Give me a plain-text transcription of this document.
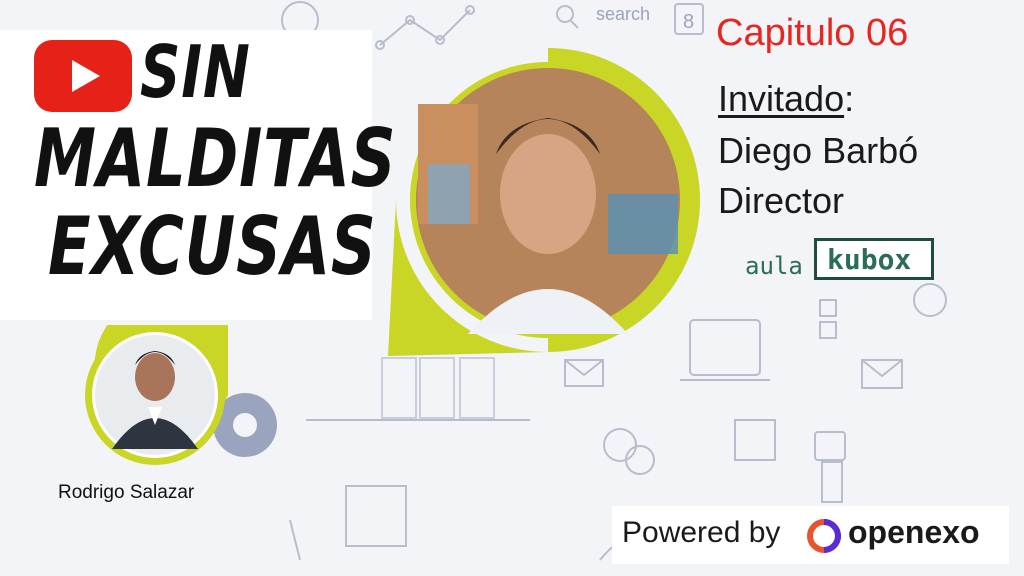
search 8
SIN
MALDITAS
EXCUSAS
Capitulo 06
Invitado:
Diego Barbó
Director
aula kubox
Rodrigo Salazar
Powered by openexo
